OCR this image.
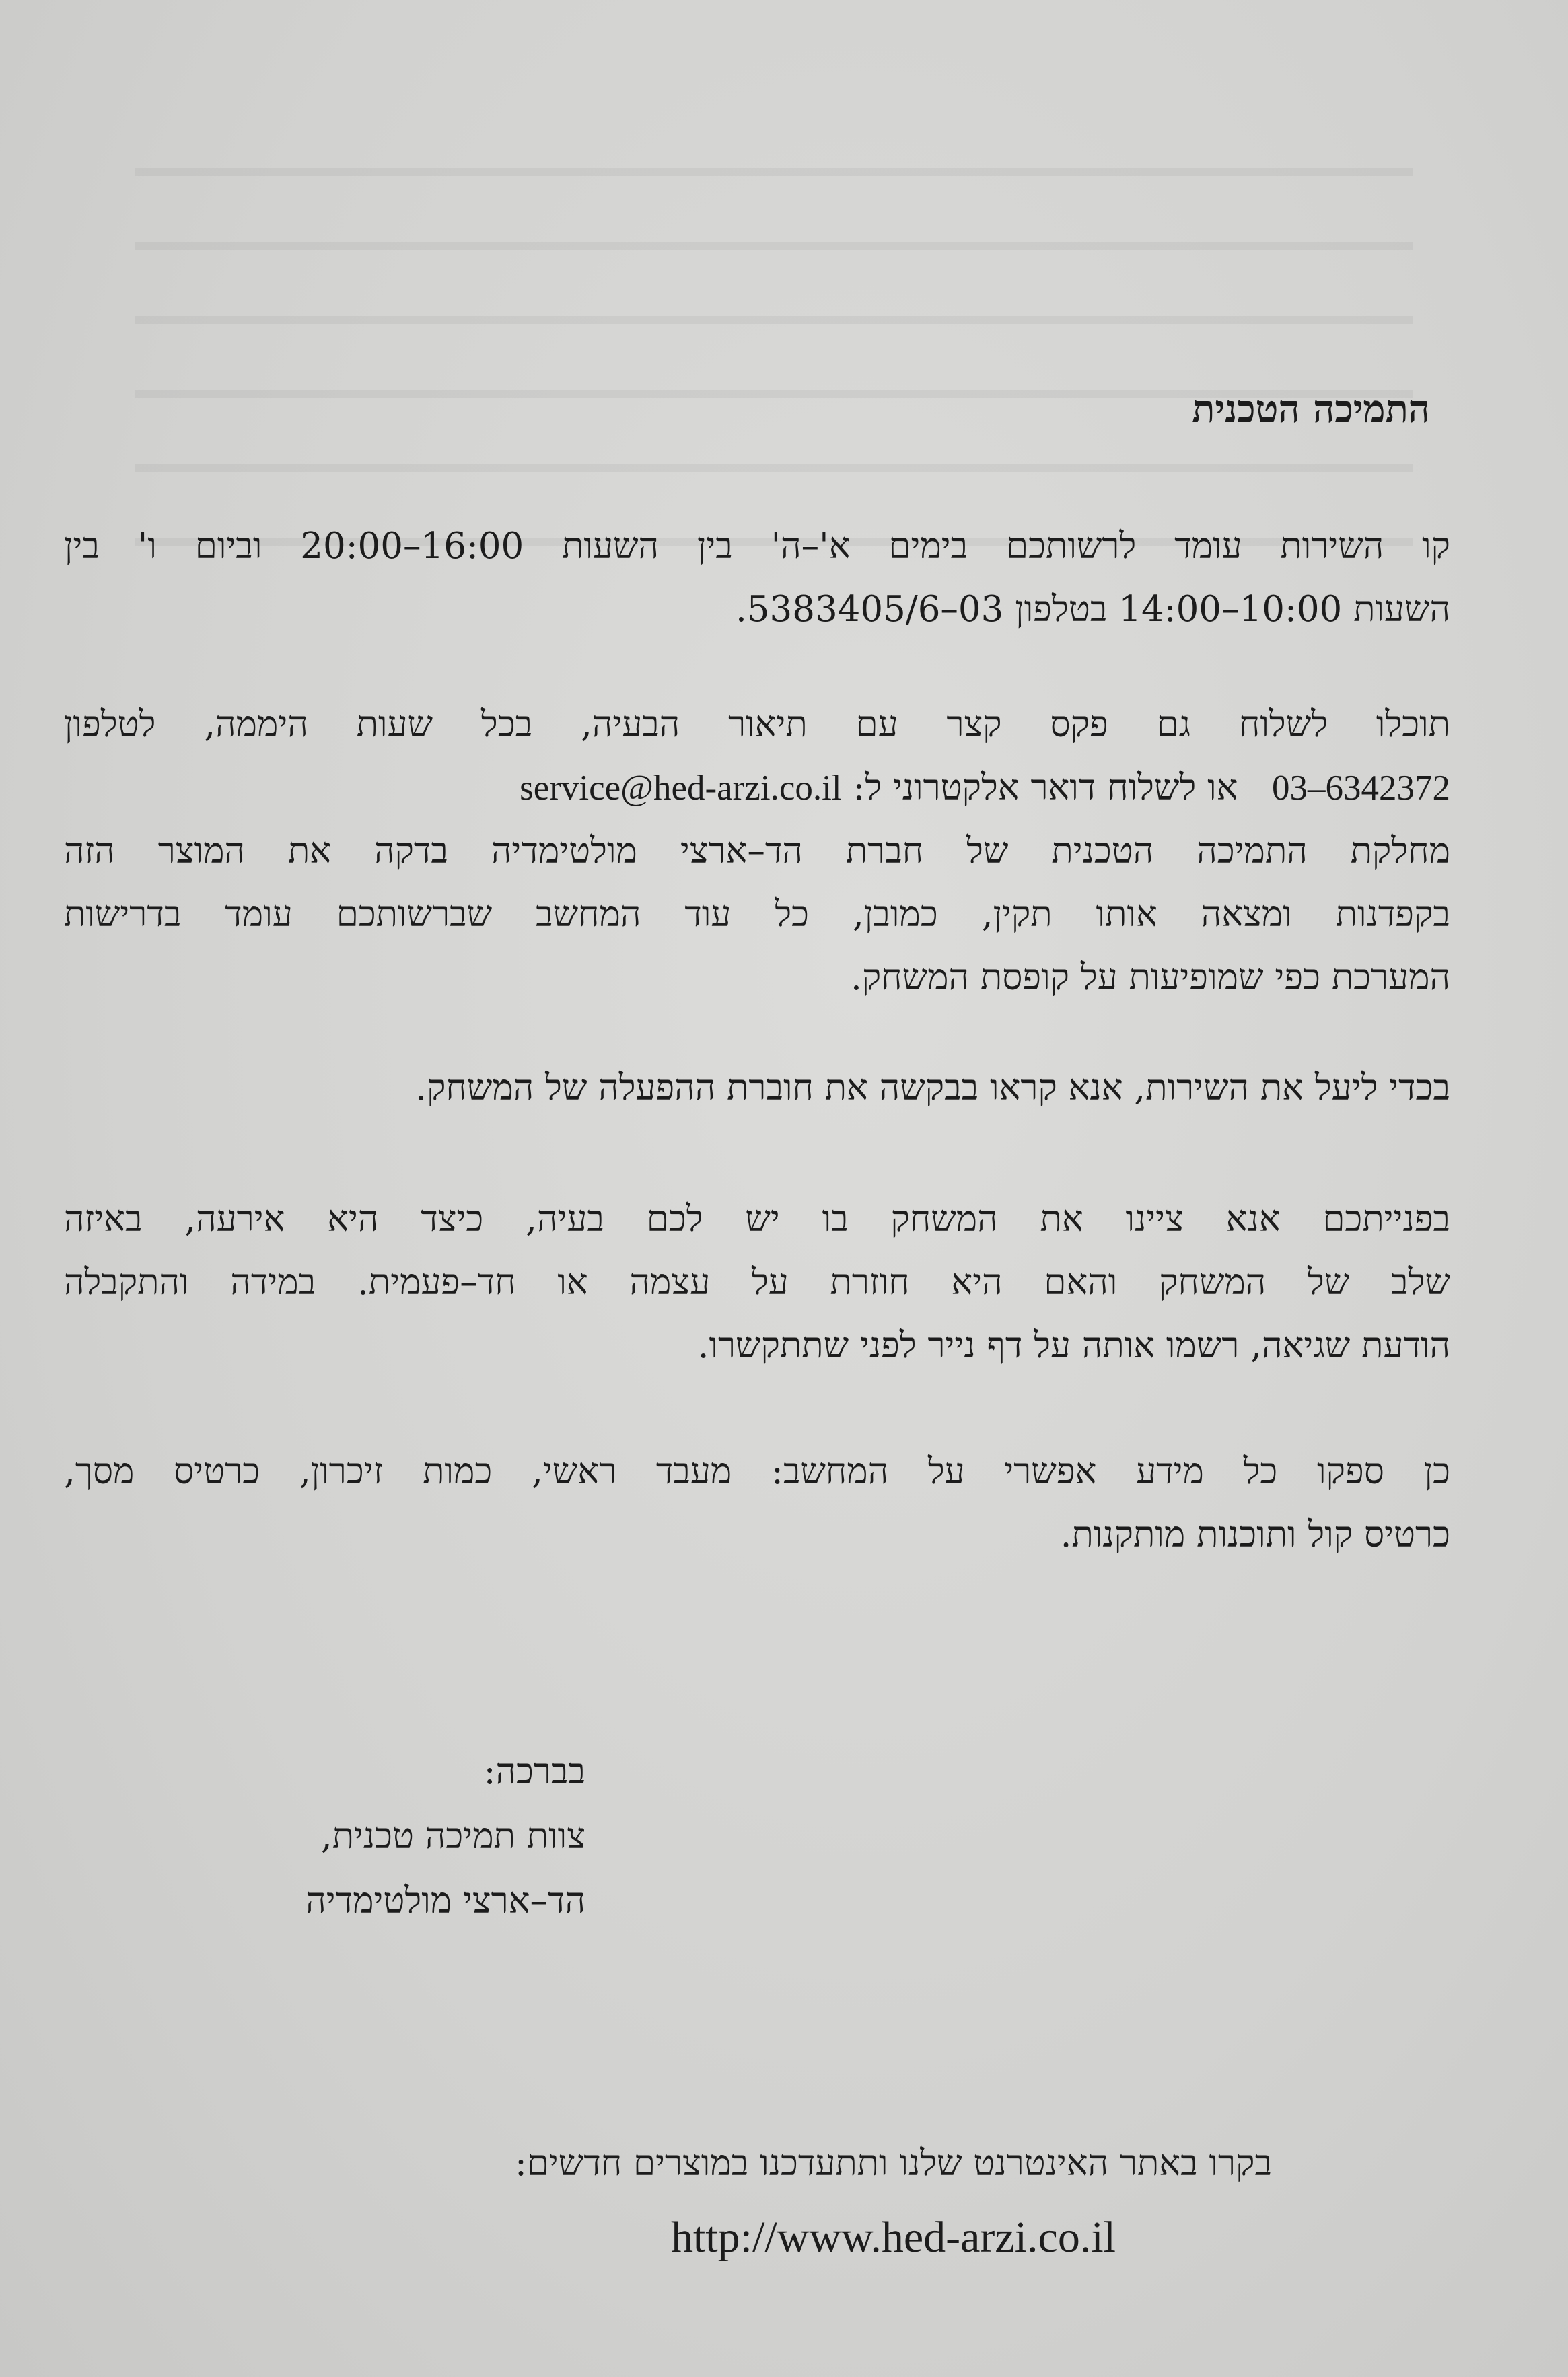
התמיכה הטכנית
קו השירות עומד לרשותכם בימים א'–ה' בין השעות 16:00–20:00 וביום ו' בין
השעות 10:00–14:00 בטלפון 03–5383405/6.
תוכלו לשלוח גם פקס קצר עם תיאור הבעיה, בכל שעות היממה, לטלפון
03–6342372   או לשלוח דואר אלקטרוני ל: service@hed-arzi.co.il
מחלקת התמיכה הטכנית של חברת הד–ארצי מולטימדיה בדקה את המוצר הזה
בקפדנות ומצאה אותו תקין, כמובן, כל עוד המחשב שברשותכם עומד בדרישות
המערכת כפי שמופיעות על קופסת המשחק.
בכדי ליעל את השירות, אנא קראו בבקשה את חוברת ההפעלה של המשחק.
בפנייתכם אנא ציינו את המשחק בו יש לכם בעיה, כיצד היא אירעה, באיזה
שלב של המשחק והאם היא חוזרת על עצמה או חד–פעמית. במידה והתקבלה
הודעת שגיאה, רשמו אותה על דף נייר לפני שתתקשרו.
כן ספקו כל מידע אפשרי על המחשב: מעבד ראשי, כמות זיכרון, כרטיס מסך,
כרטיס קול ותוכנות מותקנות.
בברכה:
צוות תמיכה טכנית,
הד–ארצי מולטימדיה
בקרו באתר האינטרנט שלנו ותתעדכנו במוצרים חדשים:
http://www.hed-arzi.co.il
